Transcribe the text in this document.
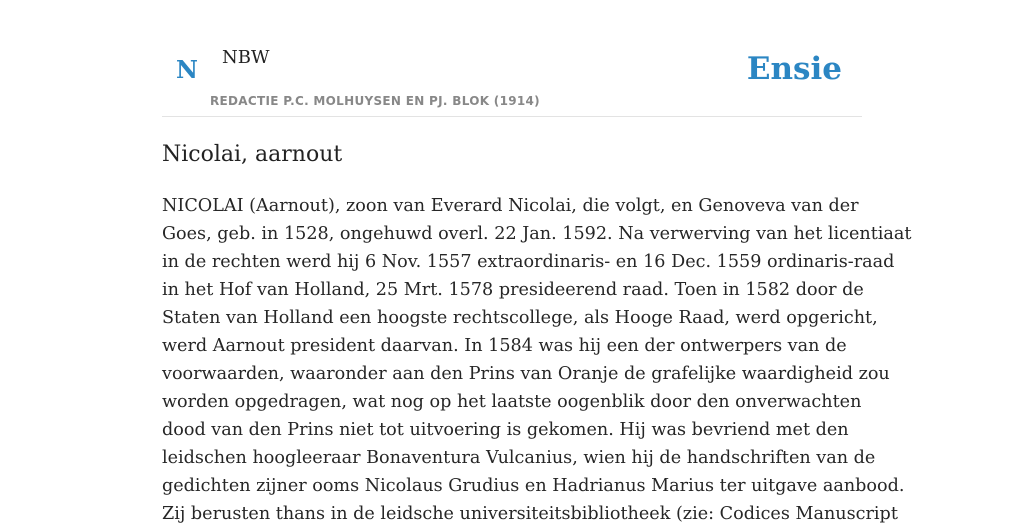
N NBW
REDACTIE P.C. MOLHUYSEN EN PJ. BLOK (1914)
Ensie
Nicolai, aarnout
NICOLAI (Aarnout), zoon van Everard Nicolai, die volgt, en Genoveva van der
Goes, geb. in 1528, ongehuwd overl. 22 Jan. 1592. Na verwerving van het licentiaat
in de rechten werd hij 6 Nov. 1557 extraordinaris- en 16 Dec. 1559 ordinaris-raad
in het Hof van Holland, 25 Mrt. 1578 presideerend raad. Toen in 1582 door de
Staten van Holland een hoogste rechtscollege, als Hooge Raad, werd opgericht,
werd Aarnout president daarvan. In 1584 was hij een der ontwerpers van de
voorwaarden, waaronder aan den Prins van Oranje de grafelijke waardigheid zou
worden opgedragen, wat nog op het laatste oogenblik door den onverwachten
dood van den Prins niet tot uitvoering is gekomen. Hij was bevriend met den
leidschen hoogleeraar Bonaventura Vulcanius, wien hij de handschriften van de
gedichten zijner ooms Nicolaus Grudius en Hadrianus Marius ter uitgave aanbood.
Zij berusten thans in de leidsche universiteitsbibliotheek (zie: Codices Manuscript
